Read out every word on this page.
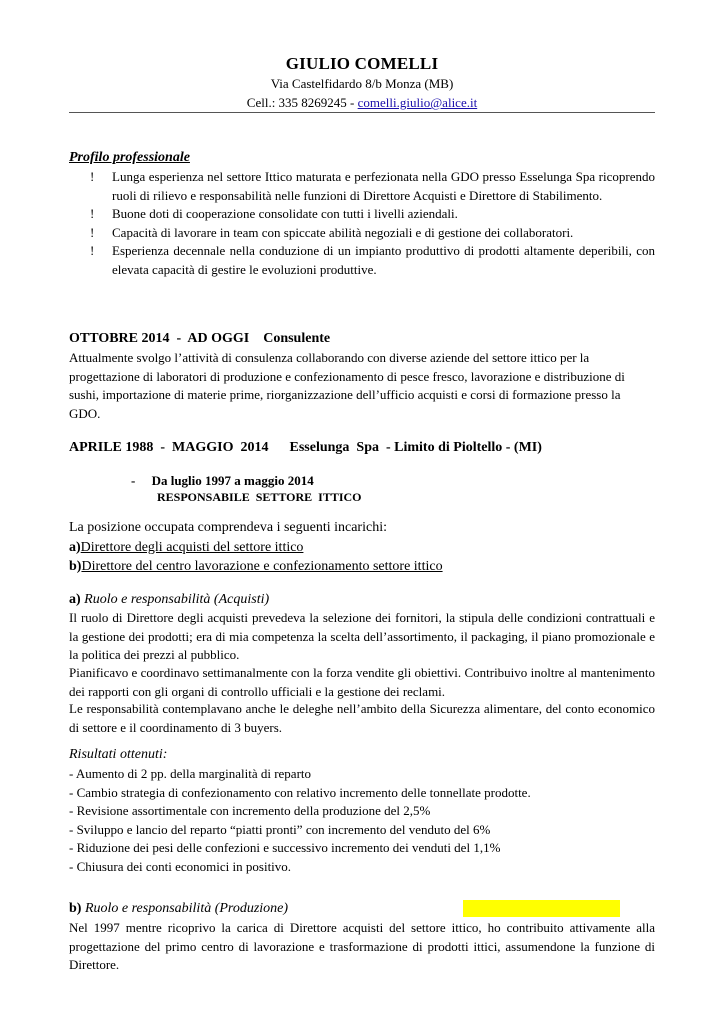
GIULIO COMELLI
Via Castelfidardo 8/b Monza (MB)
Cell.: 335 8269245 - comelli.giulio@alice.it
Profilo professionale
!	Lunga esperienza nel settore Ittico maturata e perfezionata nella GDO presso Esselunga Spa ricoprendo ruoli di rilievo e responsabilità nelle funzioni di Direttore Acquisti e Direttore di Stabilimento.
!	Buone doti di cooperazione consolidate con tutti i livelli aziendali.
!	Capacità di lavorare in team con spiccate abilità negoziali e di gestione dei collaboratori.
!	Esperienza decennale nella conduzione di un impianto produttivo di prodotti altamente deperibili, con elevata capacità di gestire le evoluzioni produttive.
OTTOBRE 2014  -  AD OGGI    Consulente
Attualmente svolgo l’attività di consulenza collaborando con diverse aziende del settore ittico per la progettazione di laboratori di produzione e confezionamento di pesce fresco, lavorazione e distribuzione di sushi, importazione di materie prime, riorganizzazione dell’ufficio acquisti e corsi di formazione presso la GDO.
APRILE 1988  -  MAGGIO  2014      Esselunga  Spa  - Limito di Pioltello - (MI)
-     Da luglio 1997 a maggio 2014
RESPONSABILE  SETTORE  ITTICO
La posizione occupata comprendeva i seguenti incarichi:
a)Direttore degli acquisti del settore ittico
b)Direttore del centro lavorazione e confezionamento settore ittico
a) Ruolo e responsabilità (Acquisti)
Il ruolo di Direttore degli acquisti prevedeva la selezione dei fornitori, la stipula delle condizioni contrattuali e la gestione dei prodotti; era di mia competenza la scelta dell’assortimento, il packaging, il piano promozionale e la politica dei prezzi al pubblico.
Pianificavo e coordinavo settimanalmente con la forza vendite gli obiettivi. Contribuivo inoltre al mantenimento dei rapporti con gli organi di controllo ufficiali e la gestione dei reclami.
Le responsabilità contemplavano anche le deleghe nell’ambito della Sicurezza alimentare, del conto economico di settore e il coordinamento di 3 buyers.
Risultati ottenuti:
- Aumento di 2 pp. della marginalità di reparto
- Cambio strategia di confezionamento con relativo incremento delle tonnellate prodotte.
- Revisione assortimentale con incremento della produzione del 2,5%
- Sviluppo e lancio del reparto “piatti pronti” con incremento del venduto del 6%
- Riduzione dei pesi delle confezioni e successivo incremento dei venduti del 1,1%
- Chiusura dei conti economici in positivo.
b) Ruolo e responsabilità (Produzione)
Nel 1997 mentre ricoprivo la carica di Direttore acquisti del settore ittico, ho contribuito attivamente alla progettazione del primo centro di lavorazione e trasformazione di prodotti ittici, assumendone la funzione di Direttore.
